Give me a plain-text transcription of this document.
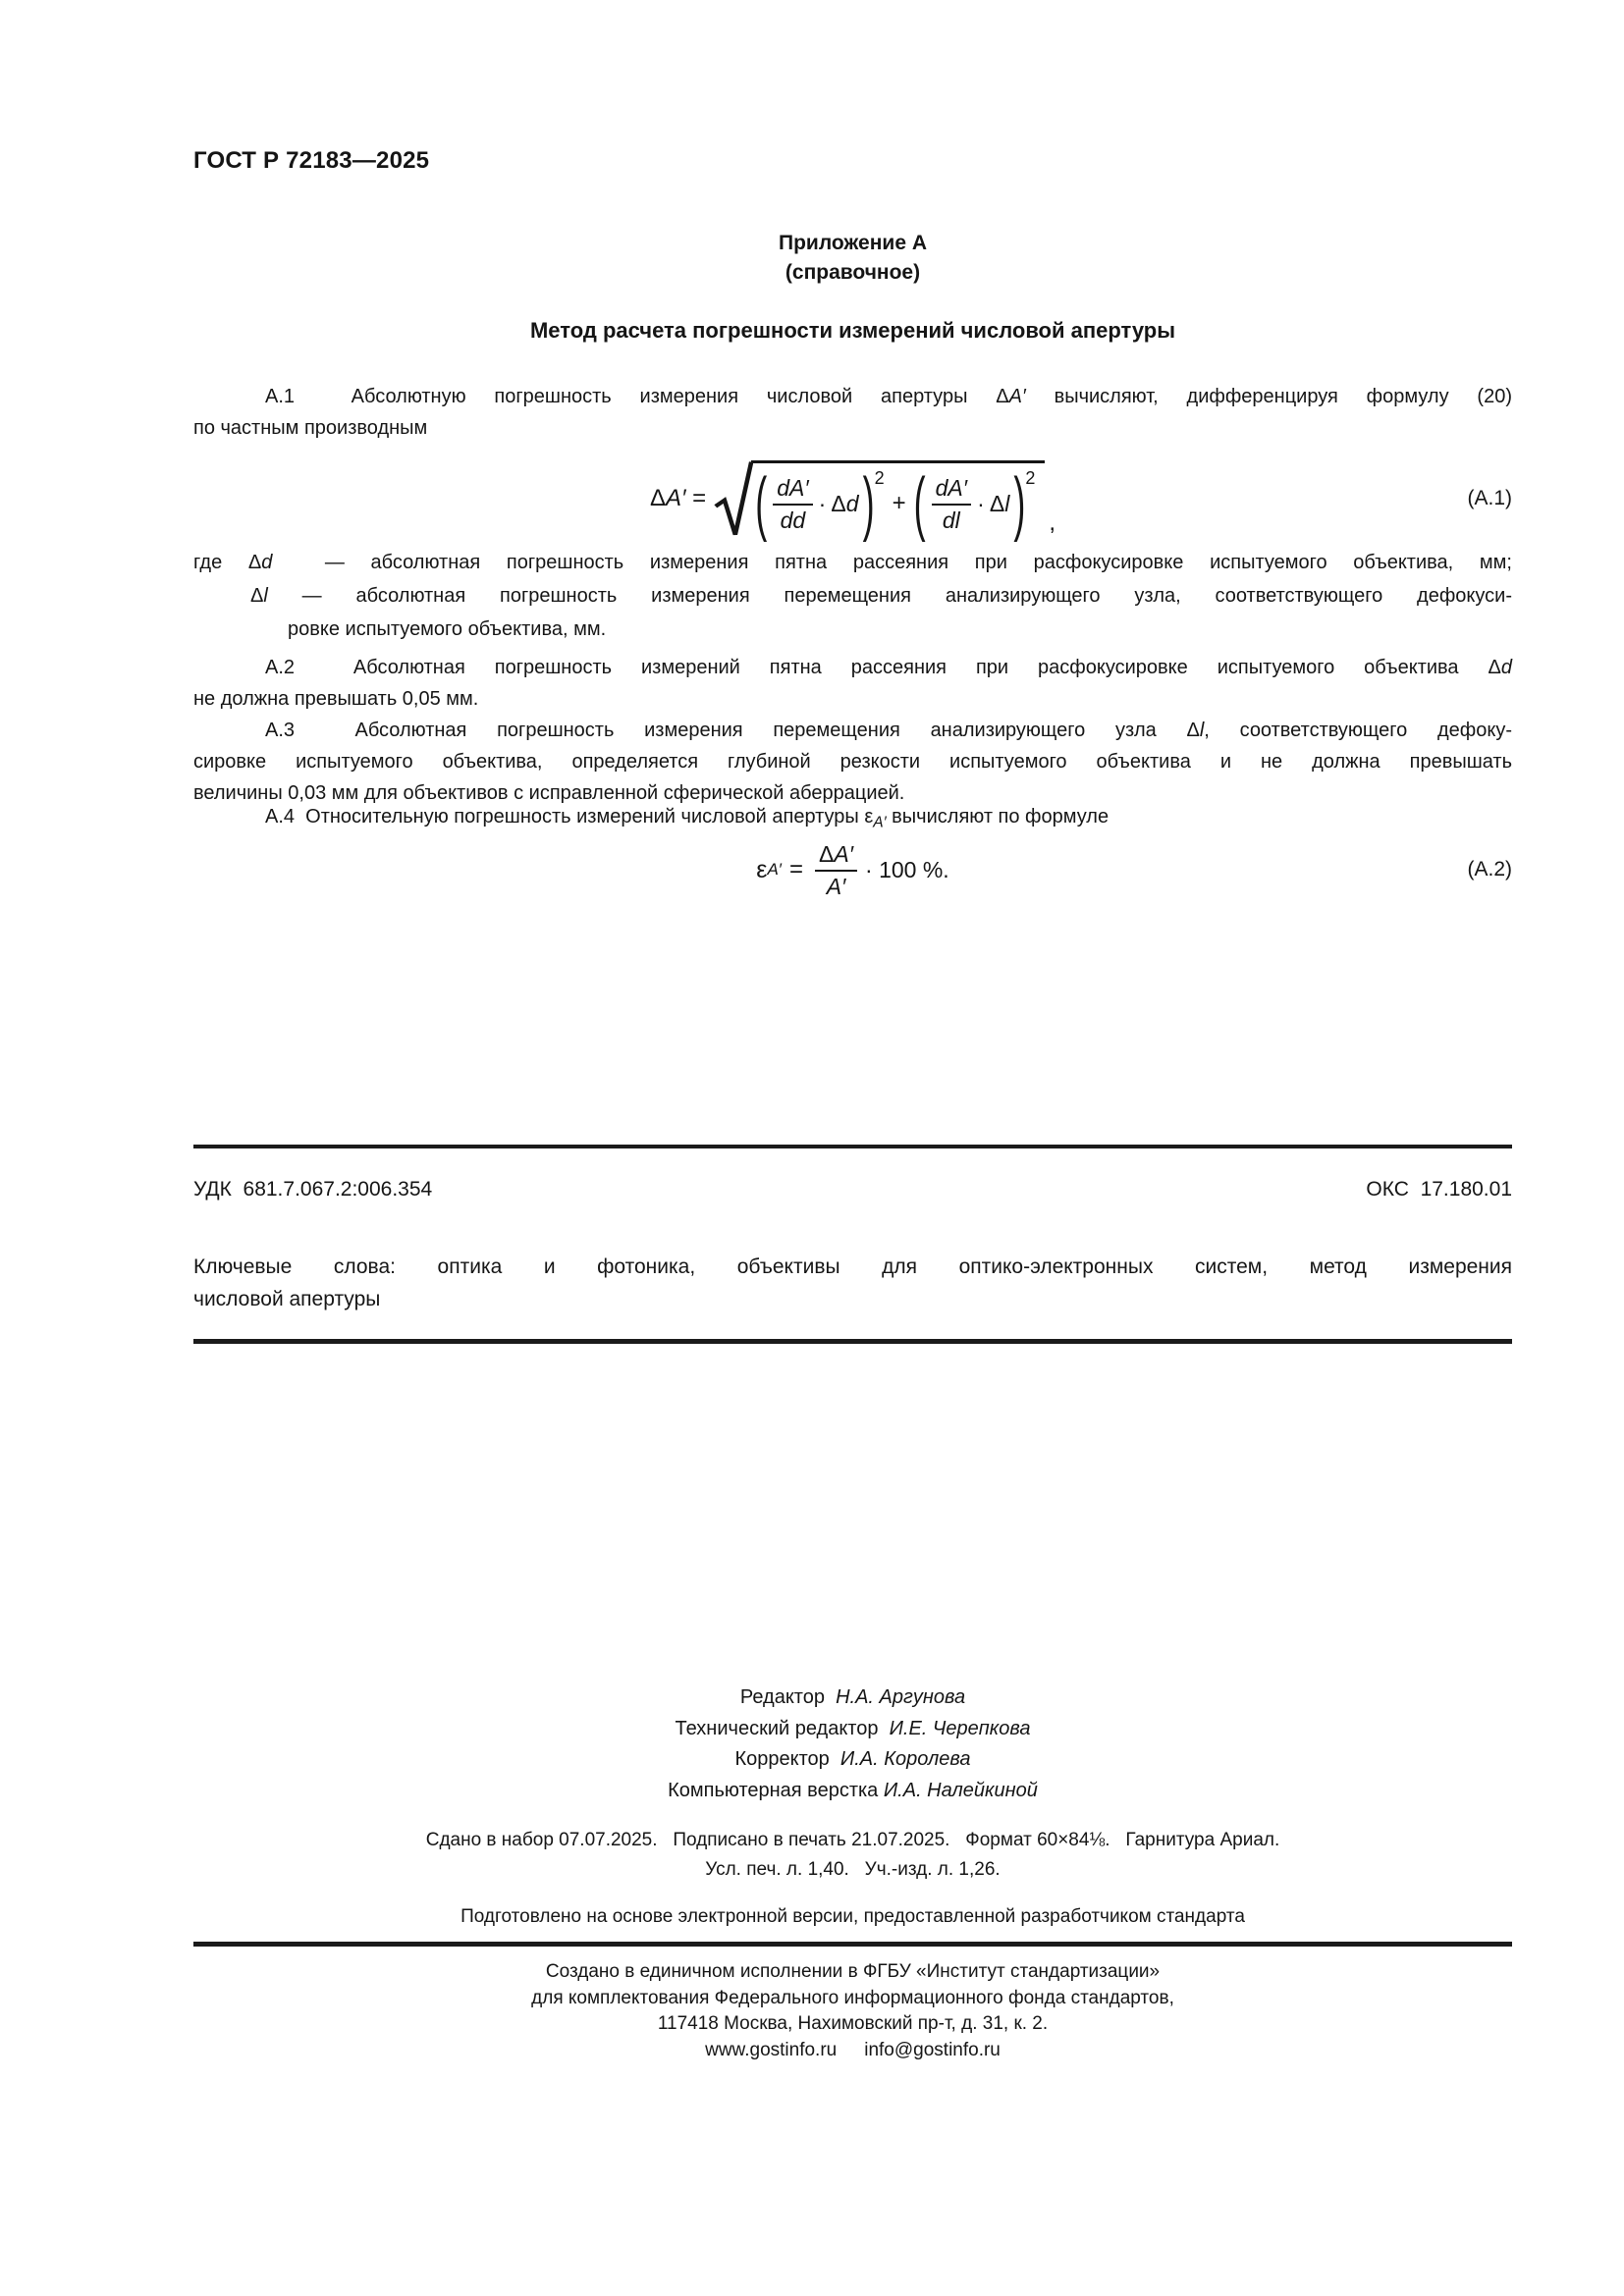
ГОСТ Р 72183—2025
Приложение А
(справочное)
Метод расчета погрешности измерений числовой апертуры
А.1  Абсолютную погрешность измерения числовой апертуры ΔA′ вычисляют, дифференцируя формулу (20)
по частным производным
ΔA′ = ( $\frac{dA'}{dd} \cdot \Delta d$ ) 2
+ ( $\frac{dA'}{dl} \cdot \Delta l$ ) 2
,
(А.1)
где Δd  — абсолютная погрешность измерения пятна рассеяния при расфокусировке испытуемого объектива, мм;
Δl — абсолютная погрешность измерения перемещения анализирующего узла, соответствующего дефокуси-
ровке испытуемого объектива, мм.
А.2  Абсолютная погрешность измерений пятна рассеяния при расфокусировке испытуемого объектива Δd
не должна превышать 0,05 мм.
А.3  Абсолютная погрешность измерения перемещения анализирующего узла Δl, соответствующего дефоку-
сировке испытуемого объектива, определяется глубиной резкости испытуемого объектива и не должна превышать
величины 0,03 мм для объективов с исправленной сферической аберрацией.
А.4  Относительную погрешность измерений числовой апертуры $\varepsilon_{A'}$ вычисляют по формуле
ε $A' = \frac{\Delta A'}{A'} \cdot 100$ %.	(А.2)
УДК  681.7.067.2:006.354	ОКС  17.180.01
Ключевые слова: оптика и фотоника, объективы для оптико-электронных систем, метод измерения
числовой апертуры
Редактор  Н.А. Аргунова
Технический редактор  И.Е. Черепкова
Корректор  И.А. Королева
Компьютерная верстка И.А. Налейкиной
Сдано в набор 07.07.2025.   Подписано в печать 21.07.2025.   Формат 60×84⅛.   Гарнитура Ариал.
Усл. печ. л. 1,40.   Уч.-изд. л. 1,26.
Подготовлено на основе электронной версии, предоставленной разработчиком стандарта
Создано в единичном исполнении в ФГБУ «Институт стандартизации»
для комплектования Федерального информационного фонда стандартов,
117418 Москва, Нахимовский пр-т, д. 31, к. 2.
www.gostinfo.ru info@gostinfo.ru
